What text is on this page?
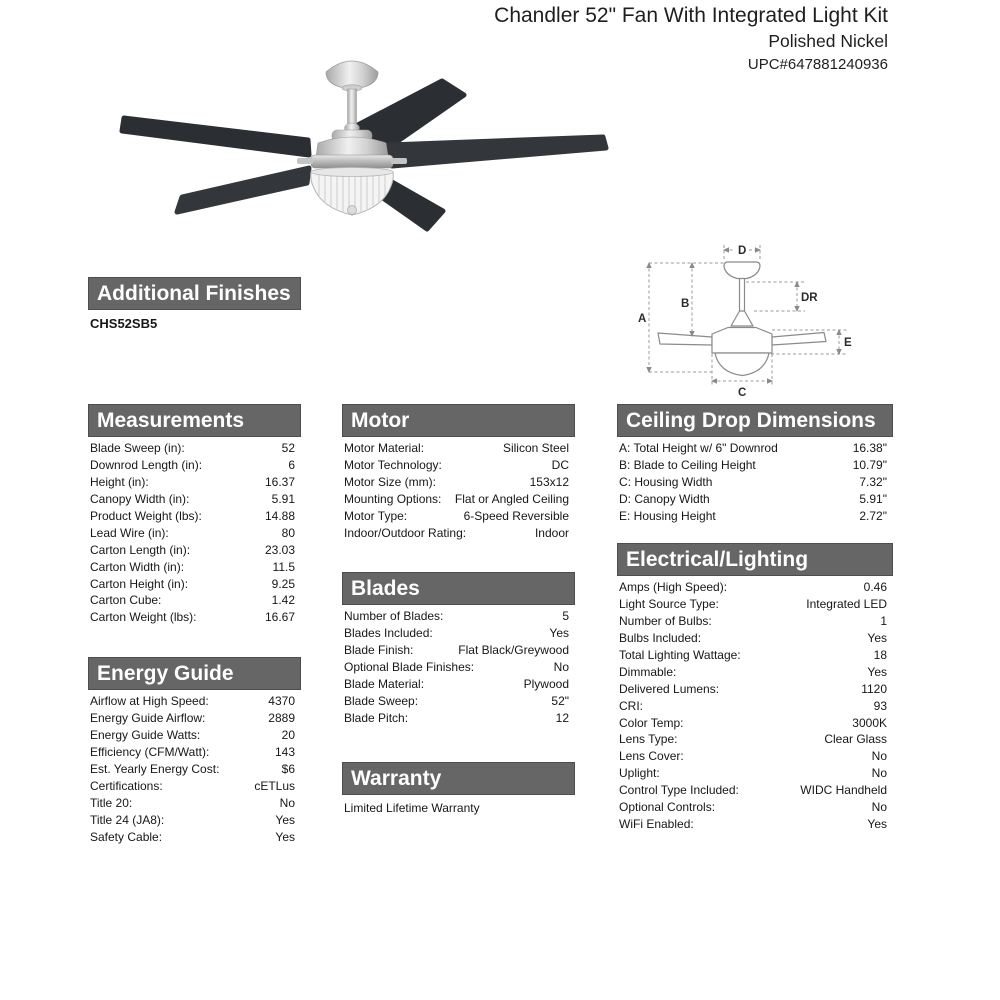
Chandler 52" Fan With Integrated Light Kit
Polished Nickel
UPC#647881240936
A
B
C
D
E
DR
Additional Finishes
CHS52SB5
Measurements
Blade Sweep (in):	52
Downrod Length (in):	6
Height (in):	16.37
Canopy Width (in):	5.91
Product Weight (lbs):	14.88
Lead Wire (in):	80
Carton Length (in):	23.03
Carton Width (in):	11.5
Carton Height (in):	9.25
Carton Cube:	1.42
Carton Weight (lbs):	16.67
Energy Guide
Airflow at High Speed:	4370
Energy Guide Airflow:	2889
Energy Guide Watts:	20
Efficiency (CFM/Watt):	143
Est. Yearly Energy Cost:	$6
Certifications:	cETLus
Title 20:	No
Title 24 (JA8):	Yes
Safety Cable:	Yes
Motor
Motor Material:	Silicon Steel
Motor Technology:	DC
Motor Size (mm):	153x12
Mounting Options:	Flat or Angled Ceiling
Motor Type:	6-Speed Reversible
Indoor/Outdoor Rating:	Indoor
Blades
Number of Blades:	5
Blades Included:	Yes
Blade Finish:	Flat Black/Greywood
Optional Blade Finishes:	No
Blade Material:	Plywood
Blade Sweep:	52"
Blade Pitch:	12
Warranty
Limited Lifetime Warranty
Ceiling Drop Dimensions
A: Total Height w/ 6" Downrod	16.38"
B: Blade to Ceiling Height	10.79"
C: Housing Width	7.32"
D: Canopy Width	5.91"
E: Housing Height	2.72"
Electrical/Lighting
Amps (High Speed):	0.46
Light Source Type:	Integrated LED
Number of Bulbs:	1
Bulbs Included:	Yes
Total Lighting Wattage:	18
Dimmable:	Yes
Delivered Lumens:	1120
CRI:	93
Color Temp:	3000K
Lens Type:	Clear Glass
Lens Cover:	No
Uplight:	No
Control Type Included:	WIDC Handheld
Optional Controls:	No
WiFi Enabled:	Yes
